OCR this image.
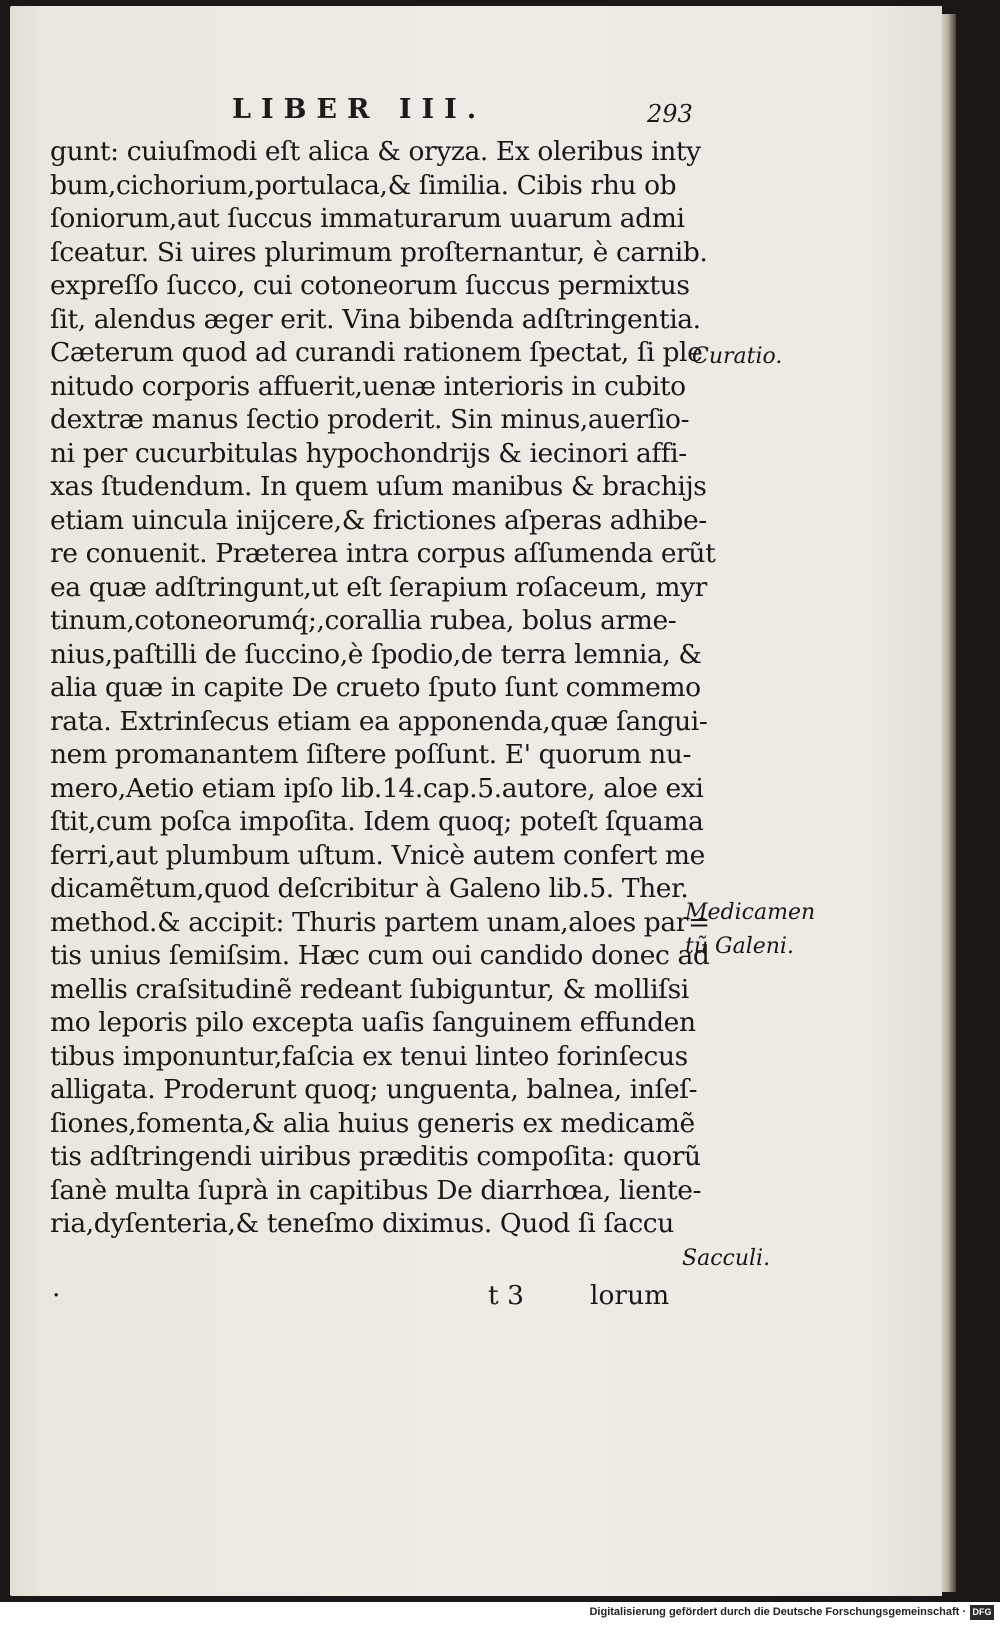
LIBER III.	293
gunt: cuiuſmodi eſt alica & oryza. Ex oleribus inty
bum,cichorium,portulaca,& ſimilia. Cibis rhu ob
ſoniorum,aut ſuccus immaturarum uuarum admi
ſceatur. Si uires plurimum proſternantur, è carnib.
expreſſo ſucco, cui cotoneorum ſuccus permixtus
ſit, alendus æger erit. Vina bibenda adſtringentia.
Cæterum quod ad curandi rationem ſpectat, ſi ple
nitudo corporis affuerit,uenæ interioris in cubito
dextræ manus ſectio proderit. Sin minus,auerſio-
ni per cucurbitulas hypochondrijs & iecinori affi-
xas ſtudendum. In quem uſum manibus & brachijs
etiam uincula inijcere,& frictiones aſperas adhibe-
re conuenit. Præterea intra corpus aſſumenda erũt
ea quæ adſtringunt,ut eſt ſerapium roſaceum, myr
tinum,cotoneorumq́;,corallia rubea, bolus arme-
nius,paſtilli de ſuccino,è ſpodio,de terra lemnia, &
alia quæ in capite De crueto ſputo ſunt commemo
rata. Extrinſecus etiam ea apponenda,quæ ſangui-
nem promanantem ſiſtere poſſunt. E' quorum nu-
mero,Aetio etiam ipſo lib.14.cap.5.autore, aloe exi
ſtit,cum poſca impoſita. Idem quoq; poteſt ſquama
ferri,aut plumbum uſtum. Vnicè autem confert me
dicamẽtum,quod deſcribitur à Galeno lib.5. Ther.
method.& accipit: Thuris partem unam,aloes par=
tis unius ſemiſsim. Hæc cum oui candido donec ad
mellis craſsitudinẽ redeant ſubiguntur, & molliſsi
mo leporis pilo excepta uaſis ſanguinem effunden
tibus imponuntur,faſcia ex tenui linteo forinſecus
alligata. Proderunt quoq; unguenta, balnea, inſeſ-
ſiones,fomenta,& alia huius generis ex medicamẽ
tis adſtringendi uiribus præditis compoſita: quorũ
ſanè multa ſuprà in capitibus De diarrhœa, liente-
ria,dyſenteria,& teneſmo diximus. Quod ſi ſaccu
·	t 3 lorum
Curatio.
Medicamen
tũ Galeni.
Sacculi.
Digitalisierung gefördert durch die Deutsche Forschungsgemeinschaft · DFG
